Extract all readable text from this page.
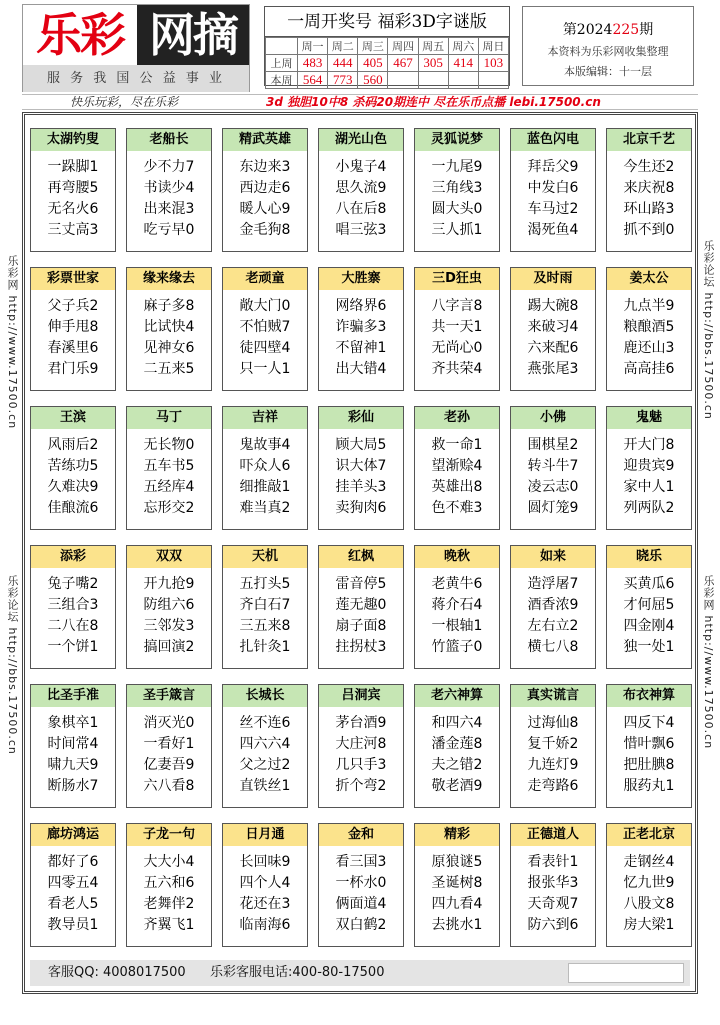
乐彩 网摘
服 务 我 国 公 益 事 业
一周开奖号 福彩3D字谜版
	周一	周二	周三	周四	周五	周六	周日
上周	483	444	405	467	305	414	103
本周	564	773	560				
第2024225期
本资料为乐彩网收集整理
本版编辑：十一层
快乐玩彩，尽在乐彩	3d 独胆10中8 杀码20期连中 尽在乐币点播 lebi.17500.cn
乐彩网 http://www.17500.cn
乐彩论坛 http://bbs.17500.cn
乐彩论坛 http://bbs.17500.cn
乐彩网 http://www.17500.cn
太湖钓叟
一跺脚1
再弯腰5
无名火6
三丈高3
老船长
少不力7
书读少4
出来混3
吃亏早0
精武英雄
东边来3
西边走6
暖人心9
金毛狗8
湖光山色
小鬼子4
思久流9
八在后8
唱三弦3
灵狐说梦
一九尾9
三角线3
圆大头0
三人抓1
蓝色闪电
拜岳父9
中发白6
车马过2
渴死鱼4
北京千艺
今生还2
来庆祝8
环山路3
抓不到0
彩票世家
父子兵2
伸手甩8
春溪里6
君门乐9
缘来缘去
麻子多8
比试快4
见神女6
二五来5
老顽童
敞大门0
不怕贼7
徒四壁4
只一人1
大胜寨
网络界6
诈骗多3
不留神1
出大错4
三D狂虫
八字言8
共一天1
无尚心0
齐共荣4
及时雨
踢大碗8
来破习4
六来配6
燕张尾3
姜太公
九点半9
粮酿酒5
鹿还山3
高高挂6
王滨
风雨后2
苦练功5
久难决9
佳酿流6
马丁
无长物0
五车书5
五经库4
忘形交2
吉祥
鬼故事4
吓众人6
细推敲1
难当真2
彩仙
顾大局5
识大体7
挂羊头3
卖狗肉6
老孙
救一命1
望渐赊4
英雄出8
色不难3
小佛
围棋星2
转斗牛7
凌云志0
圆灯笼9
鬼魅
开大门8
迎贵宾9
家中人1
列两队2
添彩
兔子嘴2
三组合3
二八在8
一个饼1
双双
开九抢9
防组六6
三邻发3
搞回演2
天机
五打头5
齐白石7
三五来8
扎针灸1
红枫
雷音停5
莲无趣0
扇子面8
拄拐杖3
晚秋
老黄牛6
蒋介石4
一根轴1
竹篮子0
如来
造浮屠7
酒香浓9
左右立2
横七八8
晓乐
买黄瓜6
才何屈5
四金刚4
独一处1
比圣手准
象棋卒1
时间常4
啸九天9
断肠水7
圣手箴言
消灭光0
一看好1
亿妻吾9
六八看8
长城长
丝不连6
四六六4
父之过2
直铁丝1
吕洞宾
茅台酒9
大庄河8
几只手3
折个弯2
老六神算
和四六4
潘金莲8
夫之错2
敬老酒9
真实谎言
过海仙8
复千娇2
九连灯9
走弯路6
布衣神算
四反下4
惜叶飘6
把肚腆8
服药丸1
廊坊鸿运
都好了6
四零五4
看老人5
教导员1
子龙一句
大大小4
五六和6
老舞伴2
齐翼飞1
日月通
长回味9
四个人4
花还在3
临南海6
金和
看三国3
一杯水0
俩面道4
双白鹤2
精彩
原狼谜5
圣诞树8
四九看4
去挑水1
正德道人
看表针1
报张华3
天奇观7
防六到6
正老北京
走钢丝4
忆九世9
八股文8
房大梁1
客服QQ: 4008017500 乐彩客服电话:400-80-17500
